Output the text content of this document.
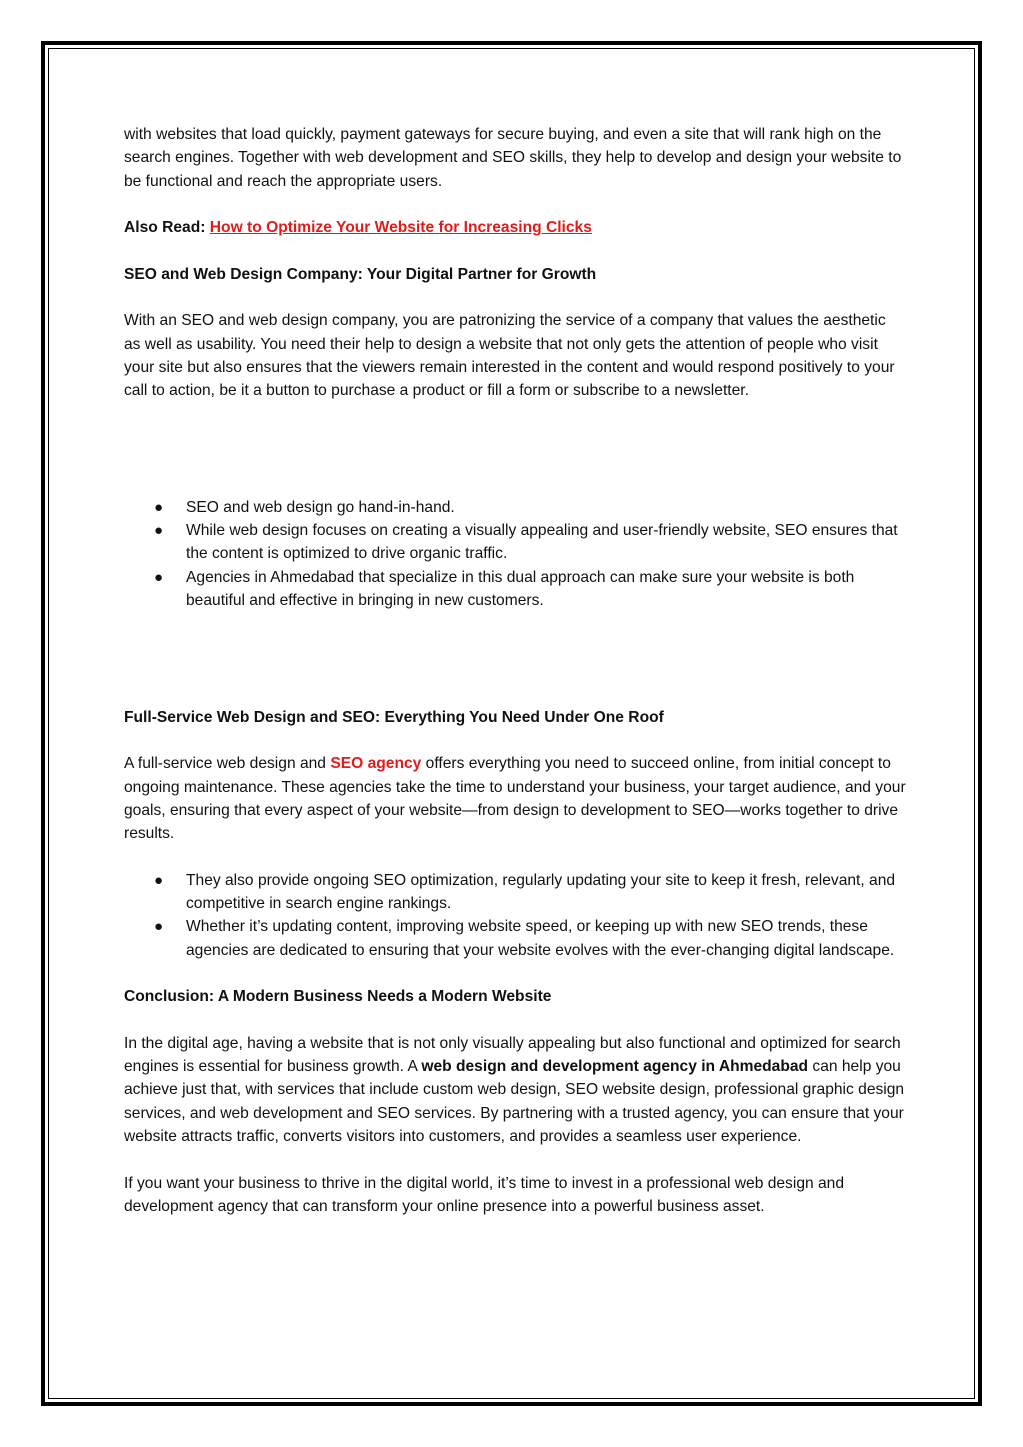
with websites that load quickly, payment gateways for secure buying, and even a site that will rank high on the search engines. Together with web development and SEO skills, they help to develop and design your website to be functional and reach the appropriate users.

Also Read: How to Optimize Your Website for Increasing Clicks

SEO and Web Design Company: Your Digital Partner for Growth

With an SEO and web design company, you are patronizing the service of a company that values the aesthetic as well as usability. You need their help to design a website that not only gets the attention of people who visit your site but also ensures that the viewers remain interested in the content and would respond positively to your call to action, be it a button to purchase a product or fill a form or subscribe to a newsletter.

● SEO and web design go hand-in-hand.
● While web design focuses on creating a visually appealing and user-friendly website, SEO ensures that the content is optimized to drive organic traffic.
● Agencies in Ahmedabad that specialize in this dual approach can make sure your website is both beautiful and effective in bringing in new customers.

Full-Service Web Design and SEO: Everything You Need Under One Roof

A full-service web design and SEO agency offers everything you need to succeed online, from initial concept to ongoing maintenance. These agencies take the time to understand your business, your target audience, and your goals, ensuring that every aspect of your website—from design to development to SEO—works together to drive results.

● They also provide ongoing SEO optimization, regularly updating your site to keep it fresh, relevant, and competitive in search engine rankings.
● Whether it’s updating content, improving website speed, or keeping up with new SEO trends, these agencies are dedicated to ensuring that your website evolves with the ever-changing digital landscape.

Conclusion: A Modern Business Needs a Modern Website

In the digital age, having a website that is not only visually appealing but also functional and optimized for search engines is essential for business growth. A web design and development agency in Ahmedabad can help you achieve just that, with services that include custom web design, SEO website design, professional graphic design services, and web development and SEO services. By partnering with a trusted agency, you can ensure that your website attracts traffic, converts visitors into customers, and provides a seamless user experience.

If you want your business to thrive in the digital world, it’s time to invest in a professional web design and development agency that can transform your online presence into a powerful business asset.
